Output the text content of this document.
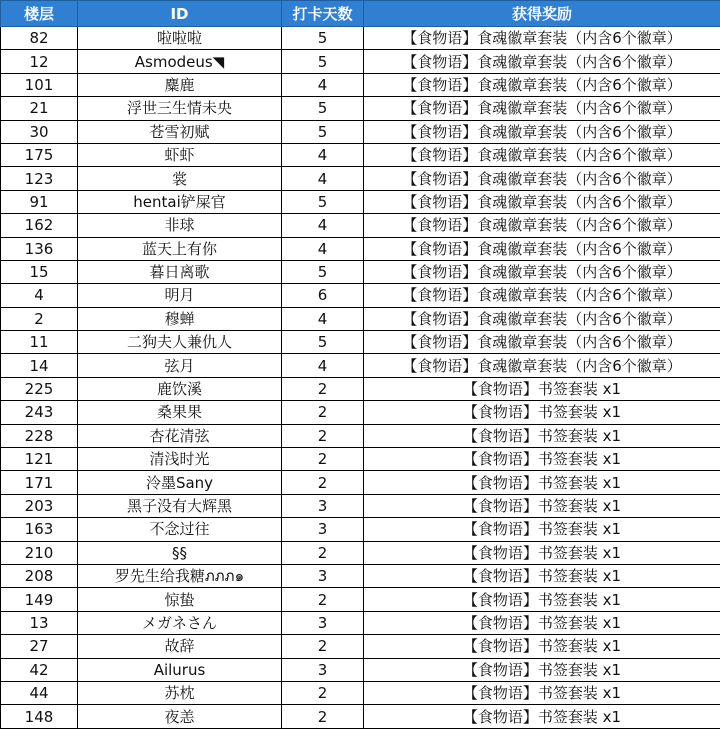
楼层	ID	打卡天数	获得奖励
82	啦啦啦	5	【食物语】食魂徽章套装（内含6个徽章）
12	Asmodeus◥	5	【食物语】食魂徽章套装（内含6个徽章）
101	麋鹿	4	【食物语】食魂徽章套装（内含6个徽章）
21	浮世三生情未央	5	【食物语】食魂徽章套装（内含6个徽章）
30	苍雪初赋	5	【食物语】食魂徽章套装（内含6个徽章）
175	虾虾	4	【食物语】食魂徽章套装（内含6个徽章）
123	裳	4	【食物语】食魂徽章套装（内含6个徽章）
91	hentai铲屎官	5	【食物语】食魂徽章套装（内含6个徽章）
162	非球	4	【食物语】食魂徽章套装（内含6个徽章）
136	蓝天上有你	4	【食物语】食魂徽章套装（内含6个徽章）
15	暮日离歌	5	【食物语】食魂徽章套装（内含6个徽章）
4	明月	6	【食物语】食魂徽章套装（内含6个徽章）
2	穆蝉	4	【食物语】食魂徽章套装（内含6个徽章）
11	二狗夫人兼仇人	5	【食物语】食魂徽章套装（内含6个徽章）
14	弦月	4	【食物语】食魂徽章套装（内含6个徽章）
225	鹿饮溪	2	【食物语】书签套装 x1
243	桑果果	2	【食物语】书签套装 x1
228	杏花清弦	2	【食物语】书签套装 x1
121	清浅时光	2	【食物语】书签套装 x1
171	泠墨Sany	2	【食物语】书签套装 x1
203	黑子没有大辉黑	3	【食物语】书签套装 x1
163	不念过往	3	【食物语】书签套装 x1
210	§§	2	【食物语】书签套装 x1
208	罗先生给我糖ภภภ๑	3	【食物语】书签套装 x1
149	惊蛰	2	【食物语】书签套装 x1
13	メガネさん	3	【食物语】书签套装 x1
27	故辞	2	【食物语】书签套装 x1
42	Ailurus	3	【食物语】书签套装 x1
44	苏枕	2	【食物语】书签套装 x1
148	夜恙	2	【食物语】书签套装 x1
